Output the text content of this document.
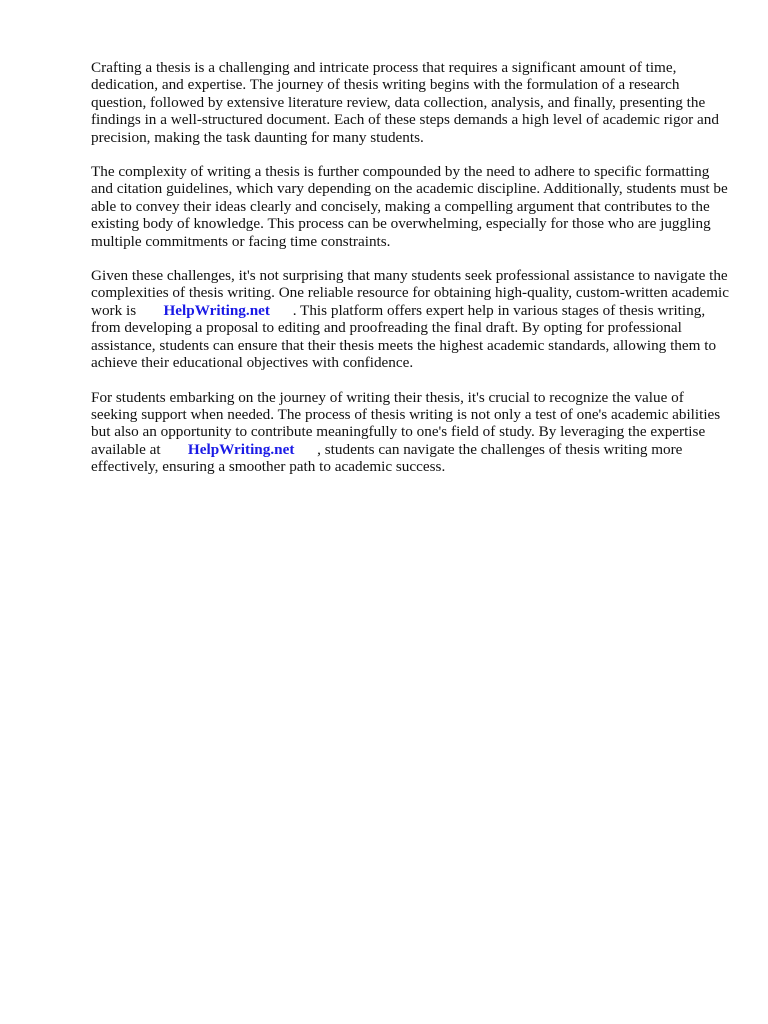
Crafting a thesis is a challenging and intricate process that requires a significant amount of time, dedication, and expertise. The journey of thesis writing begins with the formulation of a research question, followed by extensive literature review, data collection, analysis, and finally, presenting the findings in a well-structured document. Each of these steps demands a high level of academic rigor and precision, making the task daunting for many students.

The complexity of writing a thesis is further compounded by the need to adhere to specific formatting and citation guidelines, which vary depending on the academic discipline. Additionally, students must be able to convey their ideas clearly and concisely, making a compelling argument that contributes to the existing body of knowledge. This process can be overwhelming, especially for those who are juggling multiple commitments or facing time constraints.

Given these challenges, it's not surprising that many students seek professional assistance to navigate the complexities of thesis writing. One reliable resource for obtaining high-quality, custom-written academic work is HelpWriting.net . This platform offers expert help in various stages of thesis writing, from developing a proposal to editing and proofreading the final draft. By opting for professional assistance, students can ensure that their thesis meets the highest academic standards, allowing them to achieve their educational objectives with confidence.

For students embarking on the journey of writing their thesis, it's crucial to recognize the value of seeking support when needed. The process of thesis writing is not only a test of one's academic abilities but also an opportunity to contribute meaningfully to one's field of study. By leveraging the expertise available at HelpWriting.net , students can navigate the challenges of thesis writing more effectively, ensuring a smoother path to academic success.
